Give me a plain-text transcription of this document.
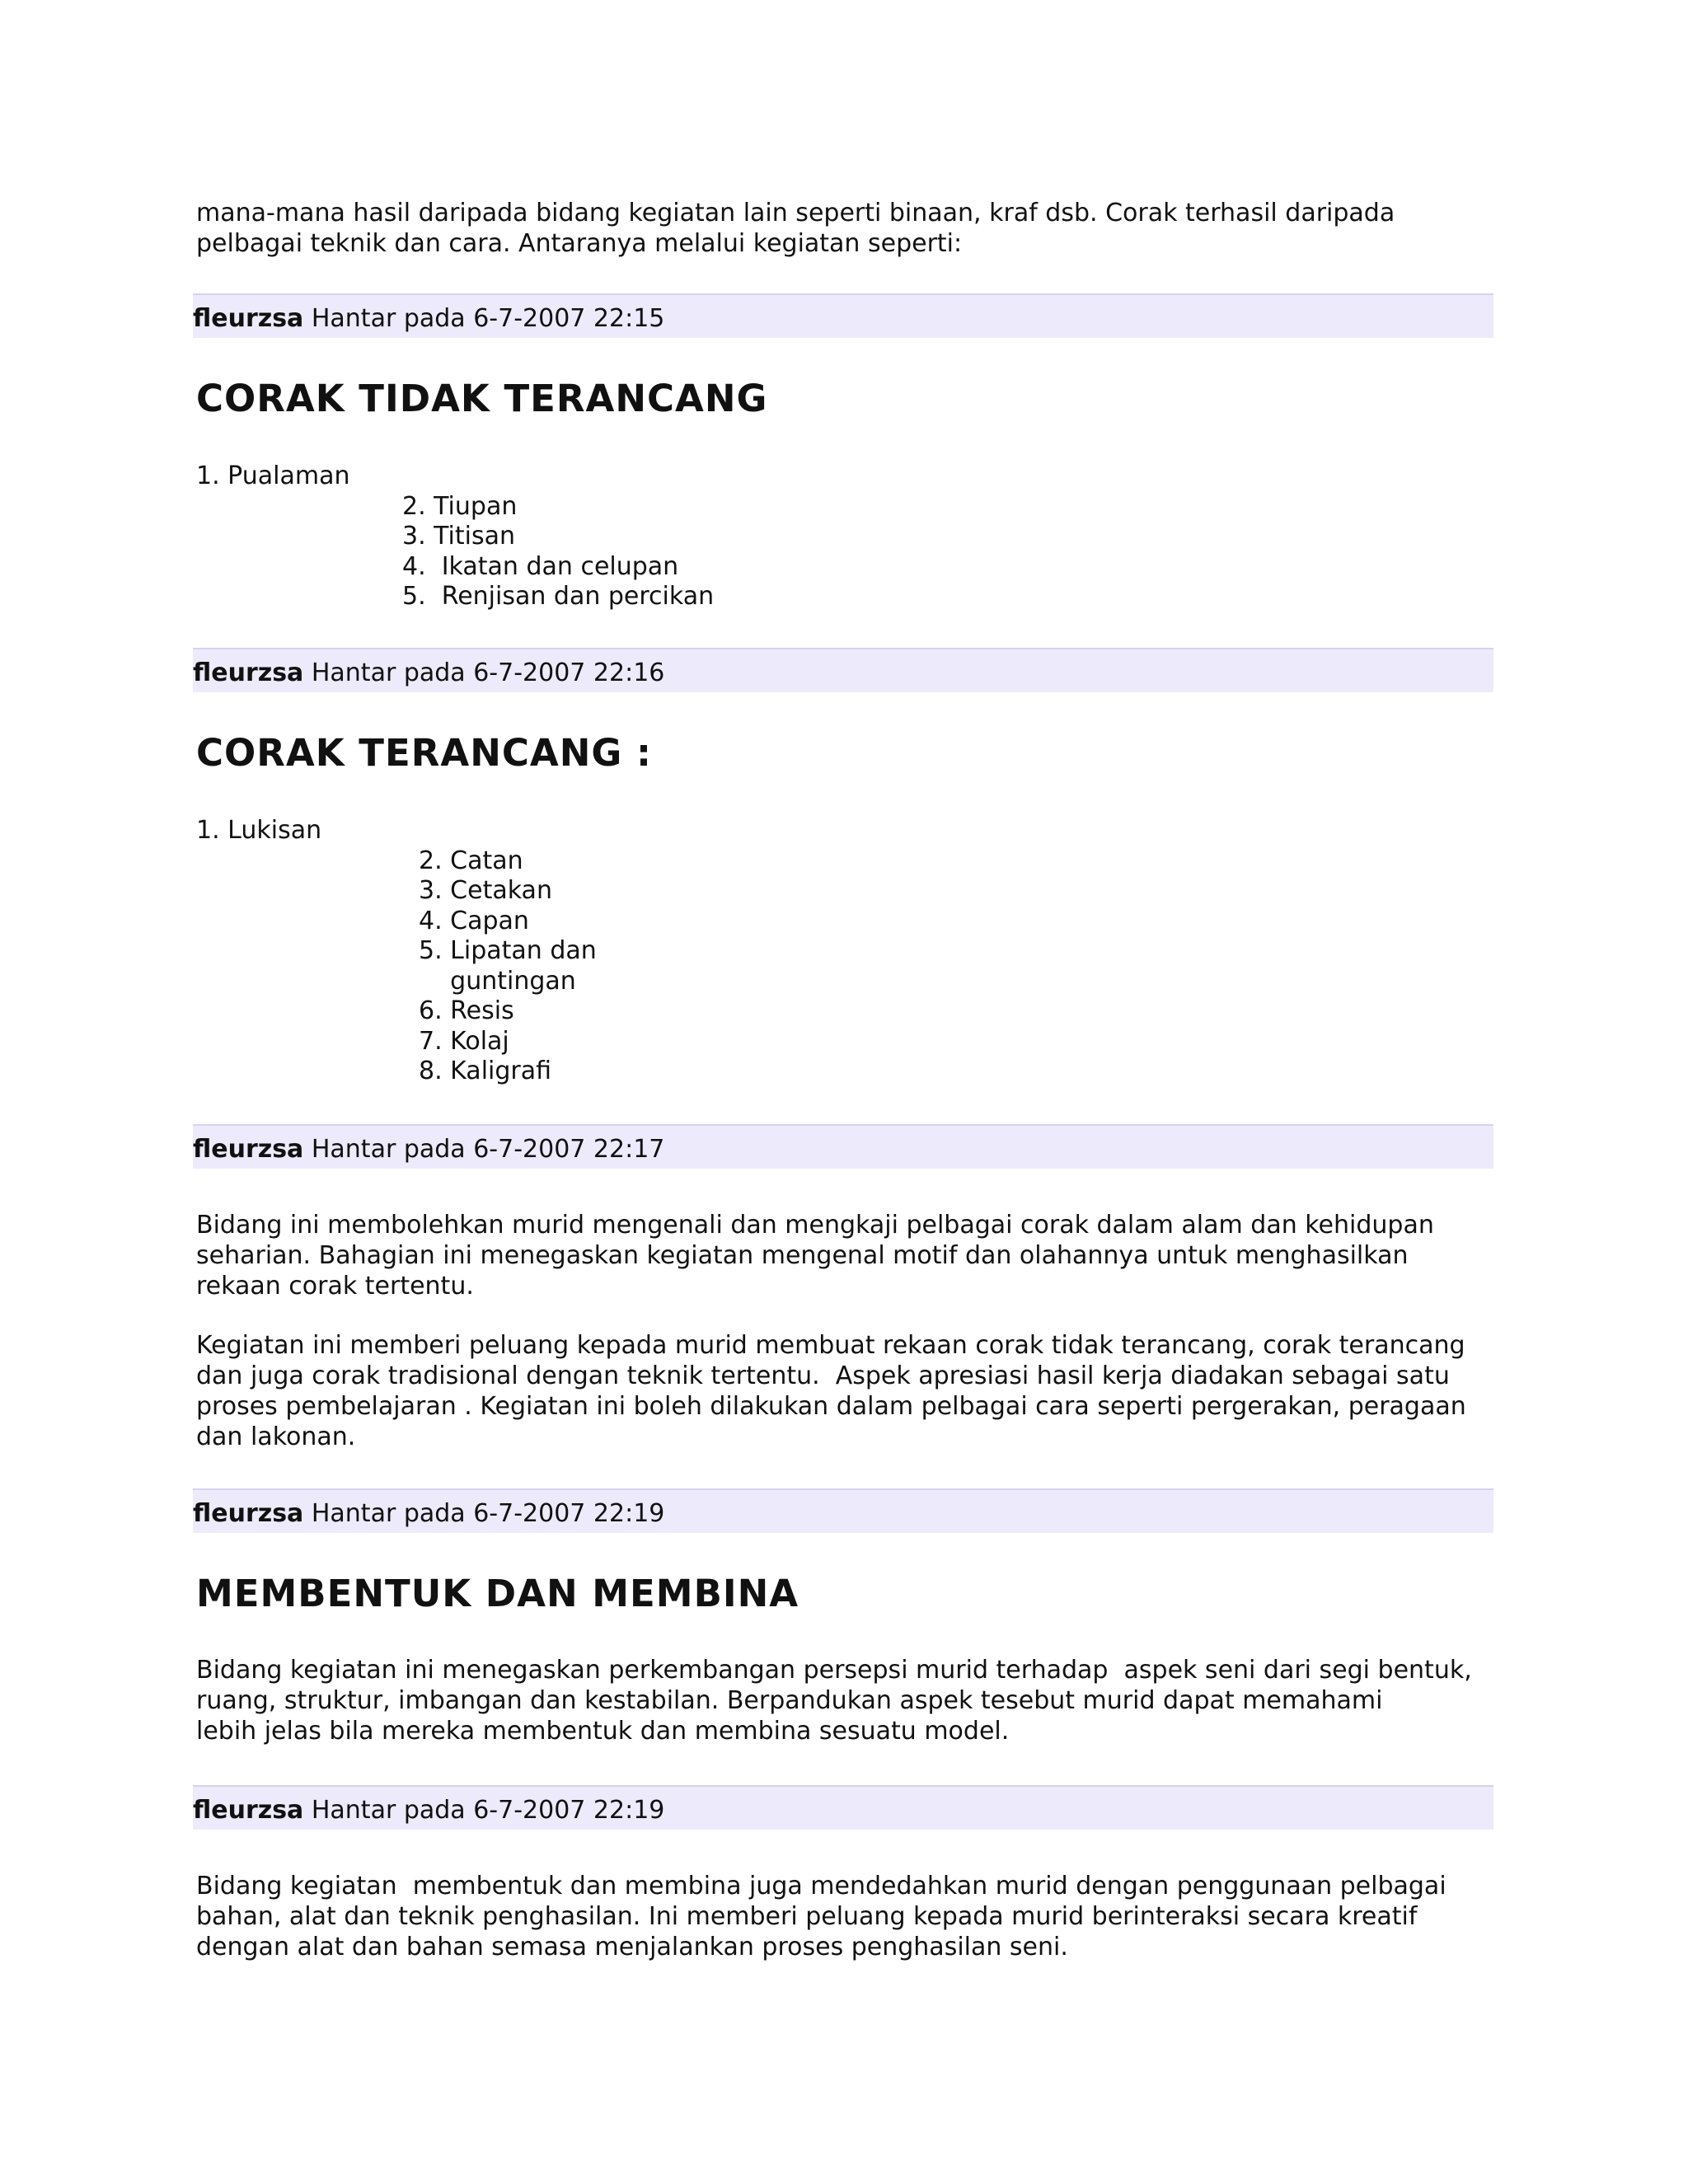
mana-mana hasil daripada bidang kegiatan lain seperti binaan, kraf dsb. Corak terhasil daripada
pelbagai teknik dan cara. Antaranya melalui kegiatan seperti:
fleurzsa Hantar pada 6-7-2007 22:15
CORAK TIDAK TERANCANG
1. Pualaman
2. Tiupan
3. Titisan
4.  Ikatan dan celupan
5.  Renjisan dan percikan
fleurzsa Hantar pada 6-7-2007 22:16
CORAK TERANCANG :
1. Lukisan
2. Catan
3. Cetakan
4. Capan
5. Lipatan dan
guntingan
6. Resis
7. Kolaj
8. Kaligrafi
fleurzsa Hantar pada 6-7-2007 22:17
Bidang ini membolehkan murid mengenali dan mengkaji pelbagai corak dalam alam dan kehidupan
seharian. Bahagian ini menegaskan kegiatan mengenal motif dan olahannya untuk menghasilkan
rekaan corak tertentu.
Kegiatan ini memberi peluang kepada murid membuat rekaan corak tidak terancang, corak terancang
dan juga corak tradisional dengan teknik tertentu.  Aspek apresiasi hasil kerja diadakan sebagai satu
proses pembelajaran . Kegiatan ini boleh dilakukan dalam pelbagai cara seperti pergerakan, peragaan
dan lakonan.
fleurzsa Hantar pada 6-7-2007 22:19
MEMBENTUK DAN MEMBINA
Bidang kegiatan ini menegaskan perkembangan persepsi murid terhadap  aspek seni dari segi bentuk,
ruang, struktur, imbangan dan kestabilan. Berpandukan aspek tesebut murid dapat memahami
lebih jelas bila mereka membentuk dan membina sesuatu model.
fleurzsa Hantar pada 6-7-2007 22:19
Bidang kegiatan  membentuk dan membina juga mendedahkan murid dengan penggunaan pelbagai
bahan, alat dan teknik penghasilan. Ini memberi peluang kepada murid berinteraksi secara kreatif
dengan alat dan bahan semasa menjalankan proses penghasilan seni.
